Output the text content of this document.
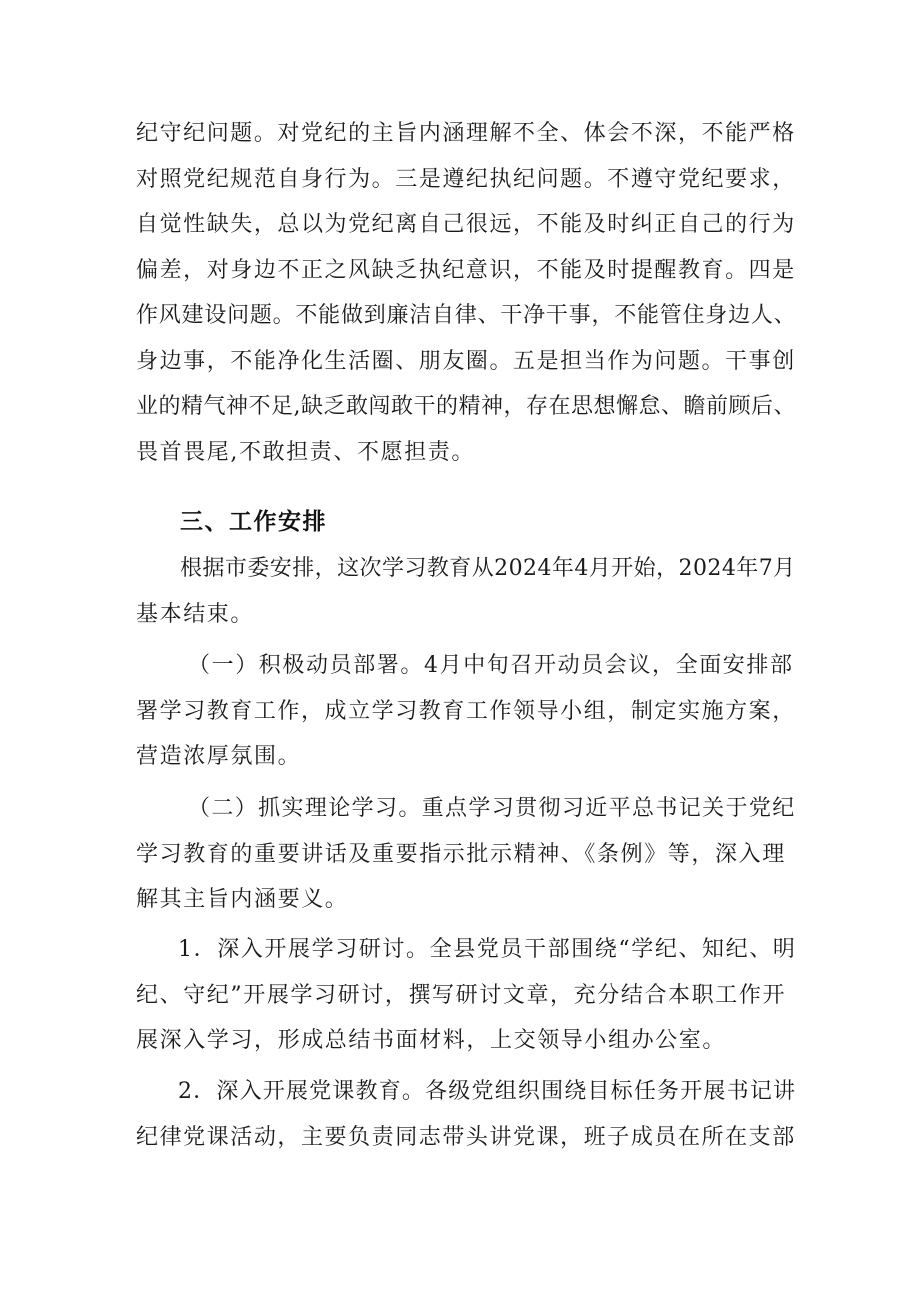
纪守纪问题。对党纪的主旨内涵理解不全、体会不深，不能严格
对照党纪规范自身行为。三是遵纪执纪问题。不遵守党纪要求，
自觉性缺失，总以为党纪离自己很远，不能及时纠正自己的行为
偏差，对身边不正之风缺乏执纪意识，不能及时提醒教育。四是
作风建设问题。不能做到廉洁自律、干净干事，不能管住身边人、
身边事，不能净化生活圈、朋友圈。五是担当作为问题。干事创
业的精气神不足,缺乏敢闯敢干的精神，存在思想懈怠、瞻前顾后、
畏首畏尾,不敢担责、不愿担责。
三、工作安排
根据市委安排，这次学习教育从2024年4月开始，2024年7月
基本结束。
（一）积极动员部署。4月中旬召开动员会议，全面安排部
署学习教育工作，成立学习教育工作领导小组，制定实施方案，
营造浓厚氛围。
（二）抓实理论学习。重点学习贯彻习近平总书记关于党纪
学习教育的重要讲话及重要指示批示精神、《条例》等，深入理
解其主旨内涵要义。
1．深入开展学习研讨。全县党员干部围绕“学纪、知纪、明
纪、守纪”开展学习研讨，撰写研讨文章，充分结合本职工作开
展深入学习，形成总结书面材料，上交领导小组办公室。
2．深入开展党课教育。各级党组织围绕目标任务开展书记讲
纪律党课活动，主要负责同志带头讲党课，班子成员在所在支部
